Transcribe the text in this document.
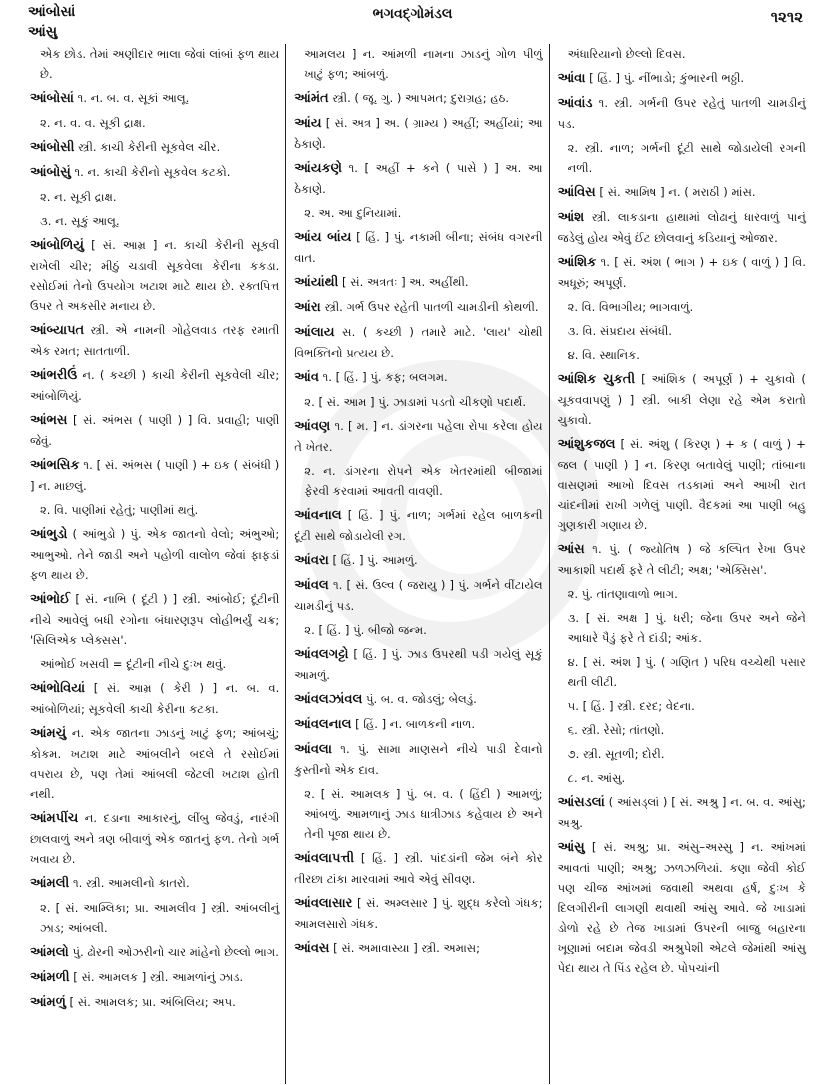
આંબોસાં
આંસુ
ભગવદ્ગોમંડલ	૧૨૧૨
એક છોડ. તેમાં અણીદાર ભાલા જેવાં લાંબાં ફળ થાય છે.
આંબોસાં ૧. ન. બ. વ. સૂકાં આલૂ.
૨. ન. વ. વ. સૂકી દ્રાક્ષ.
આંબોસી સ્ત્રી. કાચી કેરીની સૂકવેલ ચીર.
આંબોસું ૧. ન. કાચી કેરીનો સૂકવેલ કટકો.
૨. ન. સૂકી દ્રાક્ષ.
૩. ન. સૂકું આલૂ.
આંબોળિયું [ સં. આમ્ર ] ન. કાચી કેરીની સૂકવી રાખેલી ચીર; મીઠું ચડાવી સૂકવેલા કેરીના કકડા. રસોઈમાં તેનો ઉપયોગ ખટાશ માટે થાય છે. રક્તપિત્ત ઉપર તે અકસીર મનાય છે.
આંબ્યાપત સ્ત્રી. એ નામની ગોહેલવાડ તરફ રમાતી એક રમત; સાતતાળી.
આંભરીઉં ન. ( કચ્છી ) કાચી કેરીની સૂકવેલી ચીર; આંબોળિયું.
આંભસ [ સં. અંભસ ( પાણી ) ] વિ. પ્રવાહી; પાણી જેવું.
આંભસિક ૧. [ સં. અંભસ ( પાણી ) + ઇક ( સંબંધી ) ] ન. માછલું.
૨. વિ. પાણીમાં રહેતું; પાણીમાં થતું.
આંભુડો ( આંભુડો ) પું. એક જાતનો વેલો; અંભુઓ; આભુઓ. તેને જાડી અને પહોળી વાલોળ જેવાં ફાફડાં ફળ થાય છે.
આંભોઈ [ સં. નાભિ ( દૂંટી ) ] સ્ત્રી. આંબોઈ; દૂંટીની નીચે આવેલું બધી રગોના બંધારણરૂપ લોહીભર્યું ચક્ર; 'સિલિએક પ્લેક્સસ'.
આંભોઈ ખસવી = દૂંટીની નીચે દુઃખ થવું.
આંભોવિયાં [ સં. આમ્ર ( કેરી ) ] ન. બ. વ. આંબોળિયાં; સૂકવેલી કાચી કેરીના કટકા.
આંમચું ન. એક જાતના ઝાડનું ખાટું ફળ; આંબચું; કોકમ. ખટાશ માટે આંબલીને બદલે તે રસોઈમાં વપરાય છે, પણ તેમાં આંબલી જેટલી ખટાશ હોતી નથી.
આંમપીંચ ન. દડાના આકારનું, લીંબુ જેવડું, નારંગી છાલવાળું અને ત્રણ બીવાળું એક જાતનું ફળ. તેનો ગર્ભ ખવાય છે.
આંમલી ૧. સ્ત્રી. આમલીનો કાતરો.
૨. [ સં. આમ્લિકા; પ્રા. આમલીવ ] સ્ત્રી. આંબલીનું ઝાડ; આંબલી.
આંમલો પું. ઢોરની ઓઝરીનો ચાર માંહેનો છેલ્લો ભાગ.
આંમળી [ સં. આમલક ] સ્ત્રી. આમળાંનું ઝાડ.
આંમળું [ સં. આમલક; પ્રા. અંબિલિય; અપ.
આમલય ] ન. આંમળી નામના ઝાડનું ગોળ પીળું ખાટું ફળ; આંબળું.
આંમંત સ્ત્રી. ( જૂ. ગુ. ) આપમત; દુરાગ્રહ; હઠ.
આંય [ સં. અત્ર ] અ. ( ગ્રામ્ય ) અહીં; અહીંયાં; આ ઠેકાણે.
આંયકણે ૧. [ અહીં + કને ( પાસે ) ] અ. આ ઠેકાણે.
૨. અ. આ દુનિયામાં.
આંય બાંય [ હિં. ] પું. નકામી બીના; સંબંધ વગરની વાત.
આંયાંથી [ સં. અત્રતઃ ] અ. અહીંથી.
આંરા સ્ત્રી. ગર્ભ ઉપર રહેતી પાતળી ચામડીની કોથળી.
આંલાય સ. ( કચ્છી ) તમારે માટે. 'લાય' ચોથી વિભક્તિનો પ્રત્યય છે.
આંવ ૧. [ હિં. ] પું. કફ; બલગમ.
૨. [ સં. આમ ] પું. ઝાડામાં પડતો ચીકણો પદાર્થ.
આંવણ ૧. [ મ. ] ન. ડાંગરના પહેલા રોપા કરેલા હોય તે ખેતર.
૨. ન. ડાંગરના રોપને એક ખેતરમાંથી બીજામાં ફેરવી કરવામાં આવતી વાવણી.
આંવનાલ [ હિં. ] પું. નાળ; ગર્ભમાં રહેલ બાળકની દૂંટી સાથે જોડાયેલી રગ.
આંવરા [ હિં. ] પું. આમળું.
આંવલ ૧. [ સં. ઉલ્વ ( જરાયુ ) ] પું. ગર્ભને વીંટાયેલ ચામડીનું પડ.
૨. [ હિં. ] પું. બીજો જન્મ.
આંવલગટ્ટો [ હિં. ] પું. ઝાડ ઉપરથી પડી ગયેલું સૂકું આમળું.
આંવલઝાંવલ પું. બ. વ. જોડલું; બેલડું.
આંવલનાલ [ હિં. ] ન. બાળકની નાળ.
આંવલા ૧. પું. સામા માણસને નીચે પાડી દેવાનો કુસ્તીનો એક દાવ.
૨. [ સં. આમલક ] પું. બ. વ. ( હિંદી ) આમળું; આંબળું. આમળાનું ઝાડ ધાત્રીઝાડ કહેવાય છે અને તેની પૂજા થાય છે.
આંવલાપત્તી [ હિં. ] સ્ત્રી. પાંદડાંની જેમ બંને કોર તીરછા ટાંકા મારવામાં આવે એવું સીવણ.
આંવલાસાર [ સં. અમ્લસાર ] પું. શુદ્ધ કરેલો ગંધક; આમલસારો ગંધક.
આંવસ [ સં. અમાવાસ્યા ] સ્ત્રી. અમાસ;
અંધારિયાનો છેલ્લો દિવસ.
આંવા [ હિં. ] પું. નીંભાડો; કુંભારની ભઠ્ઠી.
આંવાંડ ૧. સ્ત્રી. ગર્ભની ઉપર રહેતું પાતળી ચામડીનું પડ.
૨. સ્ત્રી. નાળ; ગર્ભની દૂંટી સાથે જોડાયેલી રગની નળી.
આંવિસ [ સં. આમિષ ] ન. ( મરાઠી ) માંસ.
આંશ સ્ત્રી. લાકડાના હાથામાં લોઢાનું ધારવાળું પાનું જડેલું હોય એવું ઈંટ છોલવાનું કડિયાનું ઓજાર.
આંશિક ૧. [ સં. અંશ ( ભાગ ) + ઇક ( વાળું ) ] વિ. અધૂરું; અપૂર્ણ.
૨. વિ. વિભાગીય; ભાગવાળું.
૩. વિ. સંપ્રદાય સંબંધી.
૪. વિ. સ્થાનિક.
આંશિક ચુકતી [ આંશિક ( અપૂર્ણ ) + ચુકાવો ( ચૂકવવાપણું ) ] સ્ત્રી. બાકી લેણા રહે એમ કરાતો ચુકાવો.
આંશુકજલ [ સં. અંશુ ( કિરણ ) + ક ( વાળું ) + જલ ( પાણી ) ] ન. કિરણ બતાવેલું પાણી; તાંબાના વાસણમાં આખો દિવસ તડકામાં અને આખી રાત ચાંદનીમાં રાખી ગળેલું પાણી. વૈદકમાં આ પાણી બહુ ગુણકારી ગણાય છે.
આંસ ૧. પું. ( જ્યોતિષ ) જે કલ્પિત રેખા ઉપર આકાશી પદાર્થ ફરે તે લીટી; અક્ષ; 'એક્સિસ'.
૨. પું. તાંતણાવાળો ભાગ.
૩. [ સં. અક્ષ ] પું. ધરી; જેના ઉપર અને જેને આધારે પૈડું ફરે તે દાંડી; આંક.
૪. [ સં. અંશ ] પું. ( ગણિત ) પરિધ વચ્ચેથી પસાર થતી લીટી.
૫. [ હિં. ] સ્ત્રી. દરદ; વેદના.
૬. સ્ત્રી. રેસો; તાંતણો.
૭. સ્ત્રી. સૂતળી; દોરી.
૮. ન. આંસુ.
આંસડલાં ( આંસડ્લાં ) [ સં. અશ્રુ ] ન. બ. વ. આંસુ; અશ્રુ.
આંસુ [ સં. અશ્રુ; પ્રા. અંસુ–અસ્સુ ] ન. આંખમાં આવતાં પાણી; અશ્રુ; ઝળઝળિયાં. કણા જેવી કોઈ પણ ચીજ આંખમાં જવાથી અથવા હર્ષ, દુઃખ કે દિલગીરીની લાગણી થવાથી આંસુ આવે. જે ખાડામાં ડોળો રહે છે તેજ ખાડામાં ઉપરની બાજુ બહારના ખૂણામાં બદામ જેવડી અશ્રુપેશી એટલે જેમાંથી આંસુ પેદા થાય તે પિંડ રહેલ છે. પોપચાંની
